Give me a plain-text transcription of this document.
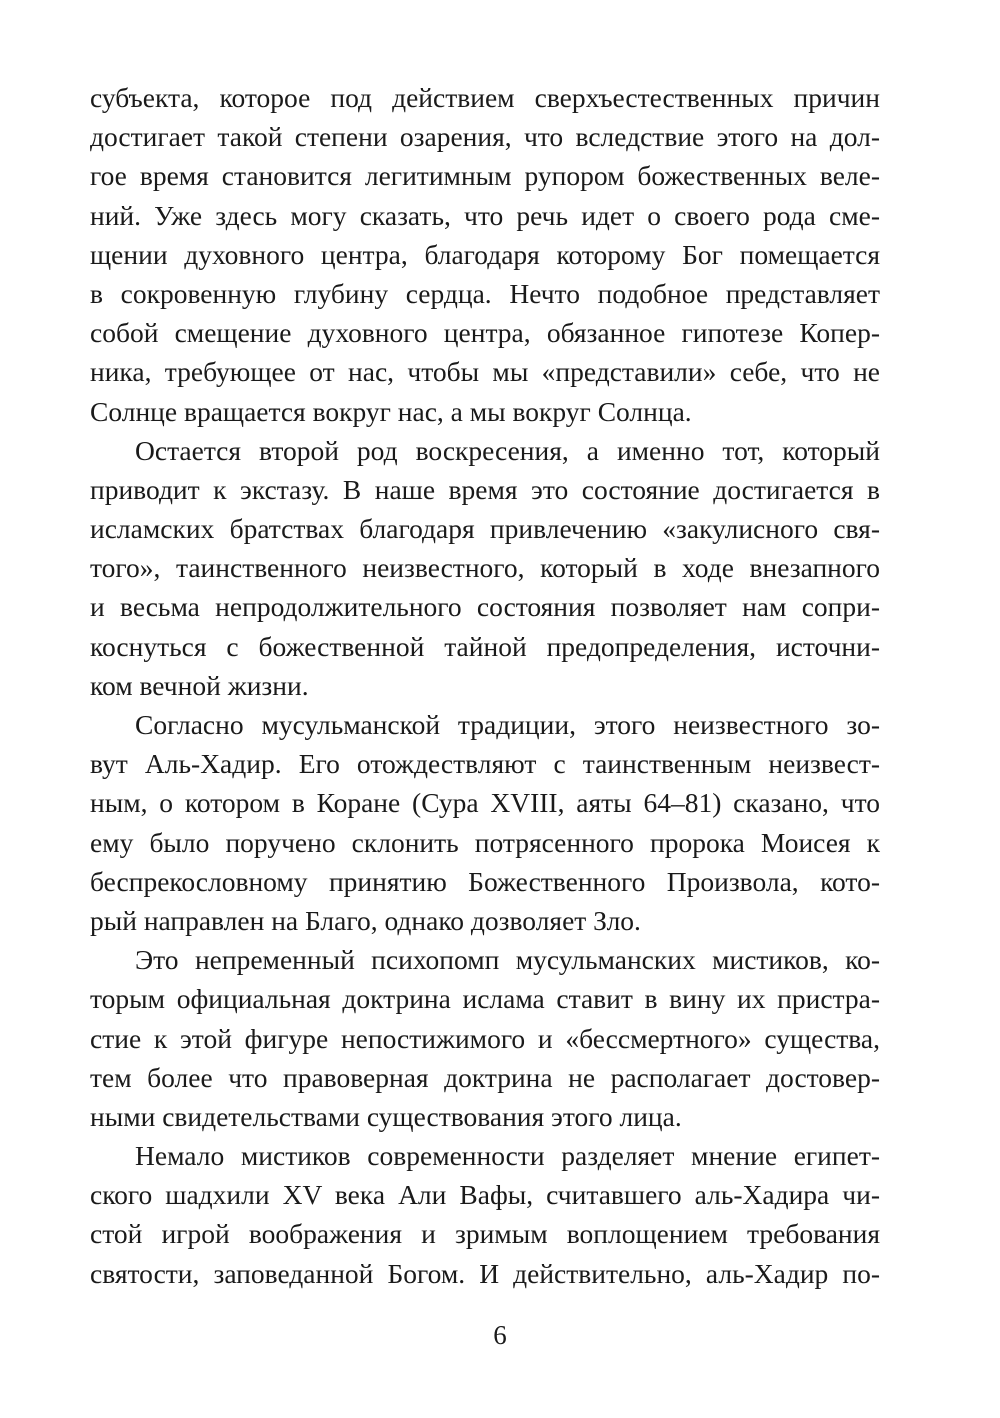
субъекта, которое под действием сверхъестественных причин
достигает такой степени озарения, что вследствие этого на дол-
гое время становится легитимным рупором божественных веле-
ний. Уже здесь могу сказать, что речь идет о своего рода сме-
щении духовного центра, благодаря которому Бог помещается
в сокровенную глубину сердца. Нечто подобное представляет
собой смещение духовного центра, обязанное гипотезе Копер-
ника, требующее от нас, чтобы мы «представили» себе, что не
Солнце вращается вокруг нас, а мы вокруг Солнца.
Остается второй род воскресения, а именно тот, который
приводит к экстазу. В наше время это состояние достигается в
исламских братствах благодаря привлечению «закулисного свя-
того», таинственного неизвестного, который в ходе внезапного
и весьма непродолжительного состояния позволяет нам сопри-
коснуться с божественной тайной предопределения, источни-
ком вечной жизни.
Согласно мусульманской традиции, этого неизвестного зо-
вут Аль-Хадир. Его отождествляют с таинственным неизвест-
ным, о котором в Коране (Сура XVIII, аяты 64–81) сказано, что
ему было поручено склонить потрясенного пророка Моисея к
беспрекословному принятию Божественного Произвола, кото-
рый направлен на Благо, однако дозволяет Зло.
Это непременный психопомп мусульманских мистиков, ко-
торым официальная доктрина ислама ставит в вину их пристра-
стие к этой фигуре непостижимого и «бессмертного» существа,
тем более что правоверная доктрина не располагает достовер-
ными свидетельствами существования этого лица.
Немало мистиков современности разделяет мнение египет-
ского шадхили XV века Али Вафы, считавшего аль-Хадира чи-
стой игрой воображения и зримым воплощением требования
святости, заповеданной Богом. И действительно, аль-Хадир по-
6
